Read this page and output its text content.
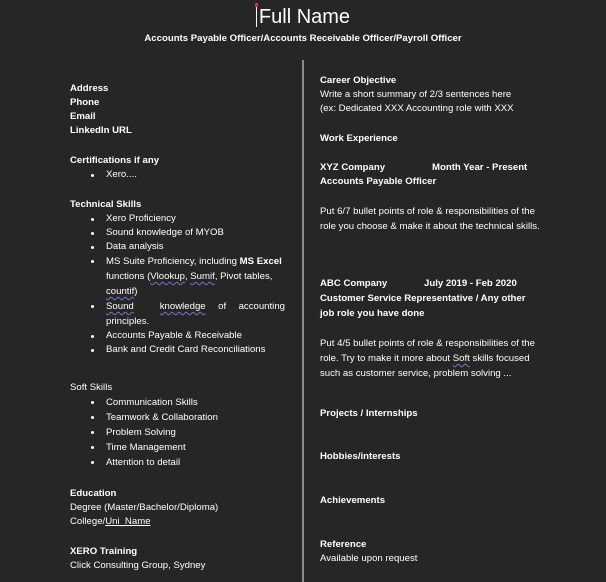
Full Name
Accounts Payable Officer/Accounts Receivable Officer/Payroll Officer
Address
Phone
Email
LinkedIn URL
Certifications if any
Xero....
Technical Skills
Xero Proficiency
Sound knowledge of MYOB
Data analysis
MS Suite Proficiency, including MS Excel
functions (Vlookup, Sumif, Pivot tables,
countif)
Sound	knowledge of accounting principles.
Accounts Payable & Receivable
Bank and Credit Card Reconciliations
Soft Skills
Communication Skills
Teamwork & Collaboration
Problem Solving
Time Management
Attention to detail
Education
Degree (Master/Bachelor/Diploma)
College/Uni_Name
XERO Training
Click Consulting Group, Sydney
Career Objective
Write a short summary of 2/3 sentences here
(ex: Dedicated XXX Accounting role with XXX
Work Experience
XYZ Company	Month Year - Present
Accounts Payable Officer
Put 6/7 bullet points of role & responsibilities of the role you choose & make it about the technical skills.
ABC Company	July 2019 - Feb 2020
Customer Service Representative / Any other job role you have done
Put 4/5 bullet points of role & responsibilities of the role. Try to make it more about Soft skills focused such as customer service, problem solving ...
Projects / Internships
Hobbies/interests
Achievements
Reference
Available upon request
